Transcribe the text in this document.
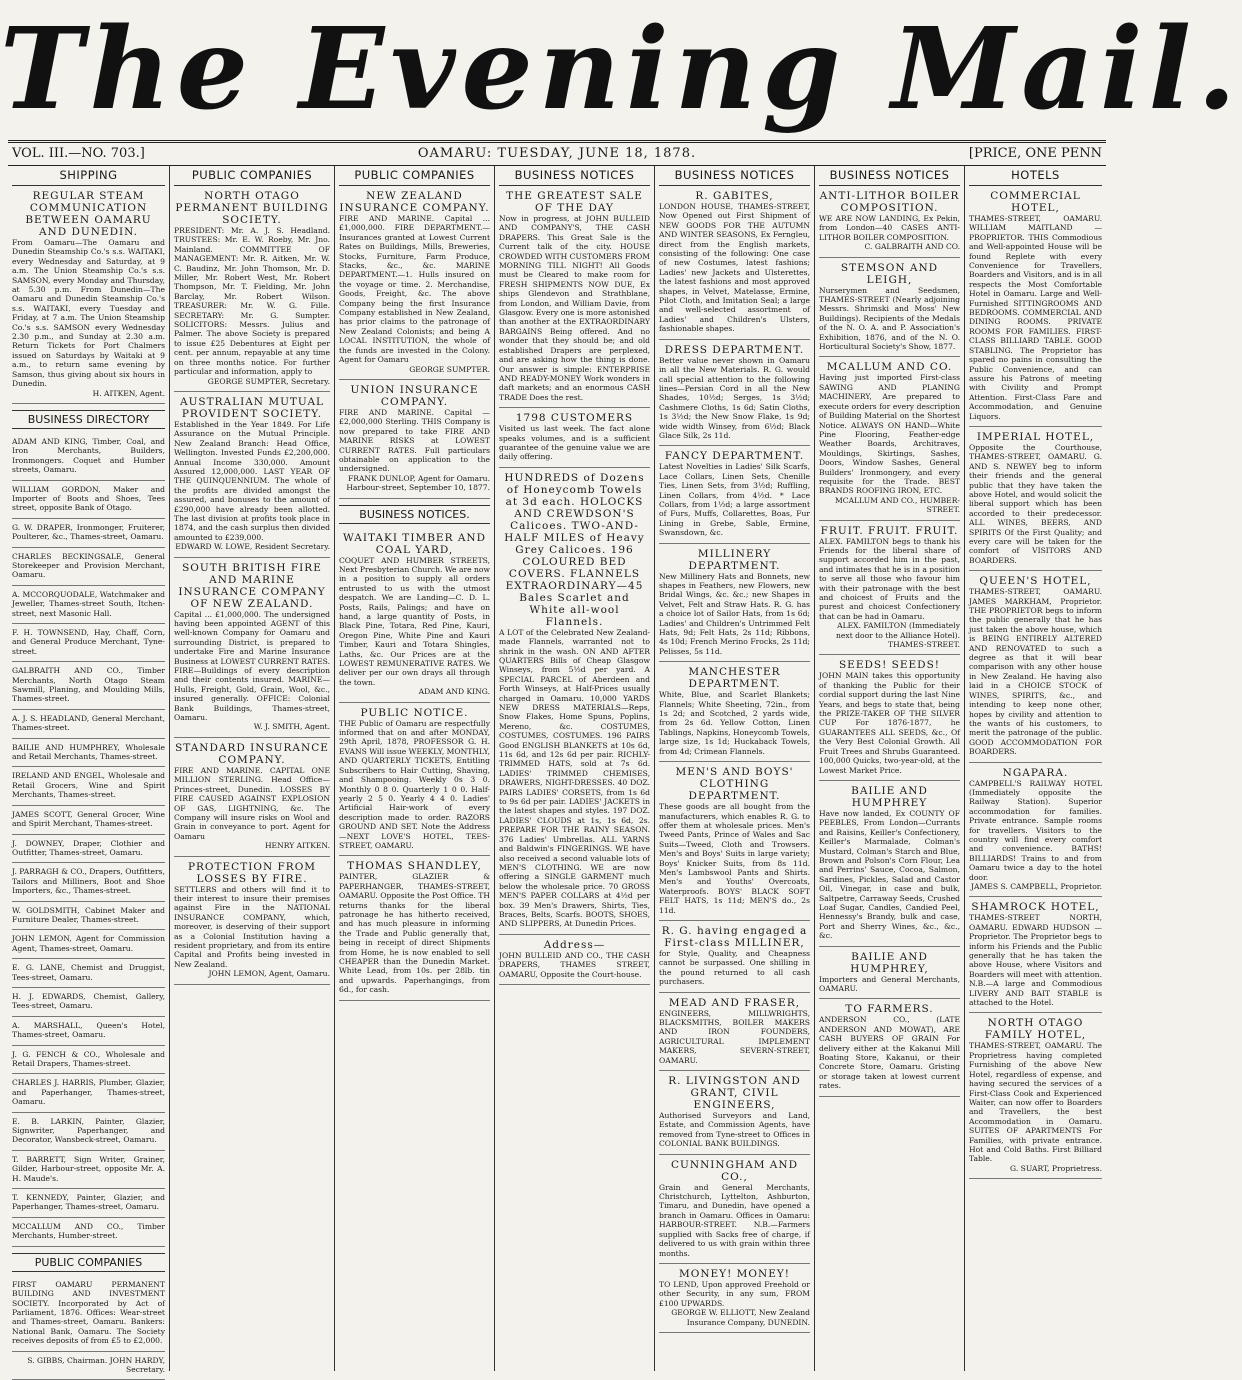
The Evening Mail.
VOL. III.—NO. 703.]	OAMARU: TUESDAY, JUNE 18, 1878.	[PRICE, ONE PENN
SHIPPING
REGULAR STEAM COMMUNICATION BETWEEN OAMARU AND DUNEDIN.
From Oamaru—The Oamaru and Dunedin Steamship Co.'s s.s. WAITAKI, every Wednesday and Saturday, at 9 a.m. The Union Steamship Co.'s s.s. SAMSON, every Monday and Thursday, at 5.30 p.m. From Dunedin—The Oamaru and Dunedin Steamship Co.'s s.s. WAITAKI, every Tuesday and Friday, at 7 a.m. The Union Steamship Co.'s s.s. SAMSON every Wednesday 2.30 p.m., and Sunday at 2.30 a.m. Return Tickets for Port Chalmers issued on Saturdays by Waitaki at 9 a.m., to return same evening by Samson, thus giving about six hours in Dunedin.
H. AITKEN, Agent.
BUSINESS DIRECTORY
ADAM AND KING, Timber, Coal, and Iron Merchants, Builders, Ironmongers. Coquet and Humber streets, Oamaru.
WILLIAM GORDON, Maker and Importer of Boots and Shoes, Tees street, opposite Bank of Otago.
G. W. DRAPER, Ironmonger, Fruiterer, Poulterer, &c., Thames-street, Oamaru.
CHARLES BECKINGSALE, General Storekeeper and Provision Merchant, Oamaru.
A. MCCORQUODALE, Watchmaker and Jeweller, Thames-street South, Itchen-street, next Masonic Hall.
F. H. TOWNSEND, Hay, Chaff, Corn, and General Produce Merchant, Tyne-street.
GALBRAITH AND CO., Timber Merchants, North Otago Steam Sawmill, Planing, and Moulding Mills, Thames-street.
A. J. S. HEADLAND, General Merchant, Thames-street.
BAILIE AND HUMPHREY, Wholesale and Retail Merchants, Thames-street.
IRELAND AND ENGEL, Wholesale and Retail Grocers, Wine and Spirit Merchants, Thames-street.
JAMES SCOTT, General Grocer, Wine and Spirit Merchant, Thames-street.
J. DOWNEY, Draper, Clothier and Outfitter, Thames-street, Oamaru.
J. PARRAGH & CO., Drapers, Outfitters, Tailors and Milliners, Boot and Shoe Importers, &c., Thames-street.
W. GOLDSMITH, Cabinet Maker and Furniture Dealer, Thames-street.
JOHN LEMON, Agent for Commission Agent, Thames-street, Oamaru.
E. G. LANE, Chemist and Druggist, Tees-street, Oamaru.
H. J. EDWARDS, Chemist, Gallery, Tees-street, Oamaru.
A. MARSHALL, Queen's Hotel, Thames-street, Oamaru.
J. G. FENCH & CO., Wholesale and Retail Drapers, Thames-street.
CHARLES J. HARRIS, Plumber, Glazier, and Paperhanger, Thames-street, Oamaru.
E. B. LARKIN, Painter, Glazier, Signwriter, Paperhanger, and Decorator, Wansbeck-street, Oamaru.
T. BARRETT, Sign Writer, Grainer, Gilder, Harbour-street, opposite Mr. A. H. Maude's.
T. KENNEDY, Painter, Glazier, and Paperhanger, Thames-street, Oamaru.
MCCALLUM AND CO., Timber Merchants, Humber-street.
PUBLIC COMPANIES
FIRST OAMARU PERMANENT BUILDING AND INVESTMENT SOCIETY. Incorporated by Act of Parliament, 1876. Offices: Wear-street and Thames-street, Oamaru. Bankers: National Bank, Oamaru. The Society receives deposits of from £5 to £2,000.
S. GIBBS, Chairman. JOHN HARDY, Secretary.
PUBLIC COMPANIES
NORTH OTAGO PERMANENT BUILDING SOCIETY.
PRESIDENT: Mr. A. J. S. Headland. TRUSTEES: Mr. E. W. Roeby, Mr. Jno. Mainland. COMMITTEE OF MANAGEMENT: Mr. R. Aitken, Mr. W. C. Baudinz, Mr. John Thomson, Mr. D. Miller, Mr. Robert West, Mr. Robert Thompson, Mr. T. Fielding, Mr. John Barclay, Mr. Robert Wilson. TREASURER: Mr. W. G. Fille. SECRETARY: Mr. G. Sumpter. SOLICITORS: Messrs. Julius and Palmer. The above Society is prepared to issue £25 Debentures at Eight per cent. per annum, repayable at any time on three months notice. For further particular and information, apply to
GEORGE SUMPTER, Secretary.
AUSTRALIAN MUTUAL PROVIDENT SOCIETY.
Established in the Year 1849. For Life Assurance on the Mutual Principle. New Zealand Branch: Head Office, Wellington. Invested Funds £2,200,000. Annual Income 330,000. Amount Assured 12,000,000. LAST YEAR OF THE QUINQUENNIUM. The whole of the profits are divided amongst the assured, and bonuses to the amount of £290,000 have already been allotted. The last division at profits took place in 1874, and the cash surplus then divided amounted to £239,000.
EDWARD W. LOWE, Resident Secretary.
SOUTH BRITISH FIRE AND MARINE INSURANCE COMPANY OF NEW ZEALAND.
Capital ... £1,000,000. The undersigned having been appointed AGENT of this well-known Company for Oamaru and surrounding District, is prepared to undertake Fire and Marine Insurance Business at LOWEST CURRENT RATES. FIRE—Buildings of every description and their contents insured. MARINE—Hulls, Freight, Gold, Grain, Wool, &c., insured generally. OFFICE: Colonial Bank Buildings, Thames-street, Oamaru.
W. J. SMITH, Agent.
STANDARD INSURANCE COMPANY.
FIRE AND MARINE. CAPITAL ONE MILLION STERLING. Head Office—Princes-street, Dunedin. LOSSES BY FIRE CAUSED AGAINST EXPLOSION OF GAS, LIGHTNING, &c. The Company will insure risks on Wool and Grain in conveyance to port. Agent for Oamaru
HENRY AITKEN.
PROTECTION FROM LOSSES BY FIRE.
SETTLERS and others will find it to their interest to insure their premises against Fire in the NATIONAL INSURANCE COMPANY, which, moreover, is deserving of their support as a Colonial Institution having a resident proprietary, and from its entire Capital and Profits being invested in New Zealand.
JOHN LEMON, Agent, Oamaru.
PUBLIC COMPANIES
NEW ZEALAND INSURANCE COMPANY.
FIRE AND MARINE. Capital ... £1,000,000. FIRE DEPARTMENT.—Insurances granted at Lowest Current Rates on Buildings, Mills, Breweries, Stocks, Furniture, Farm Produce, Stacks, &c., &c. MARINE DEPARTMENT.—1. Hulls insured on the voyage or time. 2. Merchandise, Goods, Freight, &c. The above Company being the first Insurance Company established in New Zealand, has prior claims to the patronage of New Zealand Colonists; and being A LOCAL INSTITUTION, the whole of the funds are invested in the Colony. Agent for Oamaru
GEORGE SUMPTER.
UNION INSURANCE COMPANY.
FIRE AND MARINE. Capital — £2,000,000 Sterling. THIS Company is now prepared to take FIRE AND MARINE RISKS at LOWEST CURRENT RATES. Full particulars obtainable on application to the undersigned.
FRANK DUNLOP, Agent for Oamaru. Harbour-street, September 10, 1877.
BUSINESS NOTICES.
WAITAKI TIMBER AND COAL YARD,
COQUET AND HUMBER STREETS, Next Presbyterian Church. We are now in a position to supply all orders entrusted to us with the utmost despatch. We are Landing—C. D. L. Posts, Rails, Palings; and have on hand, a large quantity of Posts, in Black Pine, Totara, Red Pine, Kauri, Oregon Pine, White Pine and Kauri Timber, Kauri and Totara Shingles, Laths, &c. Our Prices are at the LOWEST REMUNERATIVE RATES. We deliver per our own drays all through the town.
ADAM AND KING.
PUBLIC NOTICE.
THE Public of Oamaru are respectfully informed that on and after MONDAY, 29th April, 1878, PROFESSOR G. H. EVANS Will issue WEEKLY, MONTHLY, AND QUARTERLY TICKETS, Entitling Subscribers to Hair Cutting, Shaving, and Shampooing. Weekly 0s 3 0. Monthly 0 8 0. Quarterly 1 0 0. Half-yearly 2 5 0. Yearly 4 4 0. Ladies' Artificial Hair-work of every description made to order. RAZORS GROUND AND SET. Note the Address—NEXT LOVE'S HOTEL, TEES-STREET, OAMARU.
THOMAS SHANDLEY,
PAINTER, GLAZIER & PAPERHANGER, THAMES-STREET, OAMARU. Opposite the Post Office. TH returns thanks for the liberal patronage he has hitherto received, and has much pleasure in informing the Trade and Public generally that, being in receipt of direct Shipments from Home, he is now enabled to sell CHEAPER than the Dunedin Market. White Lead, from 10s. per 28lb. tin and upwards. Paperhangings, from 6d., for cash.
BUSINESS NOTICES
THE GREATEST SALE OF THE DAY
Now in progress, at JOHN BULLEID AND COMPANY'S, THE CASH DRAPERS. This Great Sale is the Current talk of the city. HOUSE CROWDED WITH CUSTOMERS FROM MORNING TILL NIGHT! All Goods must be Cleared to make room for FRESH SHIPMENTS NOW DUE, Ex ships Glendevon and Strathblane, from London, and William Davie, from Glasgow. Every one is more astonished than another at the EXTRAORDINARY BARGAINS Being offered. And no wonder that they should be; and old established Drapers are perplexed, and are asking how the thing is done. Our answer is simple: ENTERPRISE AND READY-MONEY Work wonders in daft markets; and an enormous CASH TRADE Does the rest.
1798 CUSTOMERS
Visited us last week. The fact alone speaks volumes, and is a sufficient guarantee of the genuine value we are daily offering.
HUNDREDS of Dozens of Honeycomb Towels at 3d each. HOLOCKS AND CREWDSON'S Calicoes. TWO-AND-HALF MILES of Heavy Grey Calicoes. 196 COLOURED BED COVERS. FLANNELS EXTRAORDINARY—45 Bales Scarlet and White all-wool Flannels.
A LOT of the Celebrated New Zealand-made Flannels, warranted not to shrink in the wash. ON AND AFTER QUARTERS Bills of Cheap Glasgow Winseys, from 5½d per yard. A SPECIAL PARCEL of Aberdeen and Forth Winseys, at Half-Prices usually charged in Oamaru. 10,000 YARDS NEW DRESS MATERIALS—Reps, Snow Flakes, Home Spuns, Poplins, Mereno, &c. COSTUMES, COSTUMES, COSTUMES. 196 PAIRS Good ENGLISH BLANKETS at 10s 6d, 11s 6d, and 12s 6d per pair. RICHLY-TRIMMED HATS, sold at 7s 6d. LADIES' TRIMMED CHEMISES, DRAWERS, NIGHT-DRESSES. 40 DOZ. PAIRS LADIES' CORSETS, from 1s 6d to 9s 6d per pair. LADIES' JACKETS in the latest shapes and styles. 197 DOZ. LADIES' CLOUDS at 1s, 1s 6d, 2s. PREPARE FOR THE RAINY SEASON. 376 Ladies' Umbrellas. ALL YARNS and Baldwin's FINGERINGS. WE have also received a second valuable lots of MEN'S CLOTHING. WE are now offering a SINGLE GARMENT much below the wholesale price. 70 GROSS MEN'S PAPER COLLARS at 4½d per box. 39 Men's Drawers, Shirts, Ties, Braces, Belts, Scarfs. BOOTS, SHOES, AND SLIPPERS, At Dunedin Prices.
Address—
JOHN BULLEID AND CO., THE CASH DRAPERS, THAMES STREET, OAMARU, Opposite the Court-house.
BUSINESS NOTICES
R. GABITES,
LONDON HOUSE, THAMES-STREET, Now Opened out First Shipment of NEW GOODS FOR THE AUTUMN AND WINTER SEASONS, Ex Ferngleu, direct from the English markets, consisting of the following: One case of new Costumes, latest fashions; Ladies' new Jackets and Ulsterettes, the latest fashions and most approved shapes, in Velvet, Matelasse, Ermine, Pilot Cloth, and Imitation Seal; a large and well-selected assortment of Ladies' and Children's Ulsters, fashionable shapes.
DRESS DEPARTMENT.
Better value never shown in Oamaru in all the New Materials. R. G. would call special attention to the following lines—Persian Cord in all the New Shades, 10½d; Serges, 1s 3½d; Cashmere Cloths, 1s 6d; Satin Cloths, 1s 3½d; the New Snow Flake, 1s 9d; wide width Winsey, from 6½d; Black Glace Silk, 2s 11d.
FANCY DEPARTMENT.
Latest Novelties in Ladies' Silk Scarfs, Lace Collars, Linen Sets, Chenille Ties, Linen Sets, from 3½d; Ruffling, Linen Collars, from 4½d. * Lace Collars, from 1½d; a large assortment of Furs, Muffs, Collarettes, Boas, Fur Lining in Grebe, Sable, Ermine, Swansdown, &c.
MILLINERY DEPARTMENT.
New Millinery Hats and Bonnets, new shapes in Feathers, new Flowers, new Bridal Wings, &c. &c.; new Shapes in Velvet, Felt and Straw Hats. R. G. has a choice lot of Sailor Hats, from 1s 6d; Ladies' and Children's Untrimmed Felt Hats, 9d; Felt Hats, 2s 11d; Ribbons, 4s 10d; French Merino Frocks, 2s 11d; Pelisses, 5s 11d.
MANCHESTER DEPARTMENT.
White, Blue, and Scarlet Blankets; Flannels; White Sheeting, 72in., from 1s 2d; and Scotched, 2 yards wide, from 2s 6d. Yellow Cotton, Linen Tablings, Napkins, Honeycomb Towels, large size, 1s 1d; Huckaback Towels, from 4d; Crimean Flannels.
MEN'S AND BOYS' CLOTHING DEPARTMENT.
These goods are all bought from the manufacturers, which enables R. G. to offer them at wholesale prices. Men's Tweed Pants, Prince of Wales and Sac Suits—Tweed, Cloth and Trowsers. Men's and Boys' Suits in large variety; Boys' Knicker Suits, from 8s 11d. Men's Lambswool Pants and Shirts. Men's and Youths' Overcoats, Waterproofs. BOYS' BLACK SOFT FELT HATS, 1s 11d; MEN'S do., 2s 11d.
R. G. having engaged a First-class MILLINER,
for Style, Quality, and Cheapness cannot be surpassed. One shilling in the pound returned to all cash purchasers.
MEAD AND FRASER,
ENGINEERS, MILLWRIGHTS, BLACKSMITHS, BOILER MAKERS AND IRON FOUNDERS, AGRICULTURAL IMPLEMENT MAKERS, SEVERN-STREET, OAMARU.
R. LIVINGSTON AND GRANT, CIVIL ENGINEERS,
Authorised Surveyors and Land, Estate, and Commission Agents, have removed from Tyne-street to Offices in COLONIAL BANK BUILDINGS.
CUNNINGHAM AND CO.,
Grain and General Merchants, Christchurch, Lyttelton, Ashburton, Timaru, and Dunedin, have opened a branch in Oamaru. Offices in Oamaru: HARBOUR-STREET. N.B.—Farmers supplied with Sacks free of charge, if delivered to us with grain within three months.
MONEY! MONEY!
TO LEND, Upon approved Freehold or other Security, in any sum, FROM £100 UPWARDS.
GEORGE W. ELLIOTT, New Zealand Insurance Company, DUNEDIN.
BUSINESS NOTICES
ANTI-LITHOR BOILER COMPOSITION.
WE ARE NOW LANDING, Ex Pekin, from London—40 CASES ANTI-LITHOR BOILER COMPOSITION.
C. GALBRAITH AND CO.
STEMSON AND LEIGH,
Nurserymen and Seedsmen, THAMES-STREET (Nearly adjoining Messrs. Shrimski and Moss' New Buildings). Recipients of the Medals of the N. O. A. and P. Association's Exhibition, 1876, and of the N. O. Horticultural Society's Show, 1877.
MCALLUM AND CO.
Having just imported First-class SAWING AND PLANING MACHINERY, Are prepared to execute orders for every description of Building Material on the Shortest Notice. ALWAYS ON HAND—White Pine Flooring, Feather-edge Weather Boards, Architraves, Mouldings, Skirtings, Sashes, Doors, Window Sashes, General Builders' Ironmongery, and every requisite for the Trade. BEST BRANDS ROOFING IRON, ETC.
MCALLUM AND CO., HUMBER-STREET.
FRUIT. FRUIT. FRUIT.
ALEX. FAMILTON begs to thank his Friends for the liberal share of support accorded him in the past, and intimates that he is in a position to serve all those who favour him with their patronage with the best and choicest of Fruits and the purest and choicest Confectionery that can be had in Oamaru.
ALEX. FAMILTON (Immediately next door to the Alliance Hotel). THAMES-STREET.
SEEDS! SEEDS!
JOHN MAIN takes this opportunity of thanking the Public for their cordial support during the last Nine Years, and begs to state that, being the PRIZE-TAKER OF THE SILVER CUP For 1876-1877, he GUARANTEES ALL SEEDS, &c., Of the Very Best Colonial Growth. All Fruit Trees and Shrubs Guaranteed. 100,000 Quicks, two-year-old, at the Lowest Market Price.
BAILIE AND HUMPHREY
Have now landed, Ex COUNTY OF PEEBLES, From London—Currants and Raisins, Keiller's Confectionery, Keiller's Marmalade, Colman's Mustard, Colman's Starch and Blue, Brown and Polson's Corn Flour, Lea and Perrins' Sauce, Cocoa, Salmon, Sardines, Pickles, Salad and Castor Oil, Vinegar, in case and bulk, Saltpetre, Carraway Seeds, Crushed Loaf Sugar, Candles, Candied Peel, Hennessy's Brandy, bulk and case, Port and Sherry Wines, &c., &c., &c.
BAILIE AND HUMPHREY,
Importers and General Merchants, OAMARU.
TO FARMERS.
ANDERSON CO., (LATE ANDERSON AND MOWAT), ARE CASH BUYERS OF GRAIN For delivery either at the Kakanui Mill Boating Store, Kakanui, or their Concrete Store, Oamaru. Gristing or storage taken at lowest current rates.
HOTELS
COMMERCIAL HOTEL,
THAMES-STREET, OAMARU. WILLIAM MAITLAND — PROPRIETOR. THIS Commodious and Well-appointed House will be found Replete with every Convenience for Travellers, Boarders and Visitors, and is in all respects the Most Comfortable Hotel in Oamaru. Large and Well-Furnished SITTINGROOMS AND BEDROOMS. COMMERCIAL AND DINING ROOMS. PRIVATE ROOMS FOR FAMILIES. FIRST-CLASS BILLIARD TABLE. GOOD STABLING. The Proprietor has spared no pains in consulting the Public Convenience, and can assure his Patrons of meeting with Civility and Prompt Attention. First-Class Fare and Accommodation, and Genuine Liquors.
IMPERIAL HOTEL,
Opposite the Courthouse, THAMES-STREET, OAMARU. G. AND S. NEWEY beg to inform their friends and the general public that they have taken the above Hotel, and would solicit the liberal support which has been accorded to their predecessor. ALL WINES, BEERS, AND SPIRITS Of the First Quality; and every care will be taken for the comfort of VISITORS AND BOARDERS.
QUEEN'S HOTEL,
THAMES-STREET, OAMARU. JAMES MARKHAM, Proprietor. THE PROPRIETOR begs to inform the public generally that he has just taken the above house, which is BEING ENTIRELY ALTERED AND RENOVATED to such a degree as that it will bear comparison with any other house in New Zealand. He having also laid in a CHOICE STOCK of WINES, SPIRITS, &c., and intending to keep none other, hopes by civility and attention to the wants of his customers, to merit the patronage of the public. GOOD ACCOMMODATION FOR BOARDERS.
NGAPARA.
CAMPBELL'S RAILWAY HOTEL (Immediately opposite the Railway Station). Superior accommodation for families. Private entrance. Sample rooms for travellers. Visitors to the country will find every comfort and convenience. BATHS! BILLIARDS! Trains to and from Oamaru twice a day to the hotel door.
JAMES S. CAMPBELL, Proprietor.
SHAMROCK HOTEL,
THAMES-STREET NORTH, OAMARU. EDWARD HUDSON — Proprietor. The Proprietor begs to inform his Friends and the Public generally that he has taken the above House, where Visitors and Boarders will meet with attention. N.B.—A large and Commodious LIVERY AND BAIT STABLE is attached to the Hotel.
NORTH OTAGO FAMILY HOTEL,
THAMES-STREET, OAMARU. The Proprietress having completed Furnishing of the above New Hotel, regardless of expense, and having secured the services of a First-Class Cook and Experienced Waiter, can now offer to Boarders and Travellers, the best Accommodation in Oamaru. SUITES OF APARTMENTS For Families, with private entrance. Hot and Cold Baths. First Billiard Table.
G. SUART, Proprietress.
